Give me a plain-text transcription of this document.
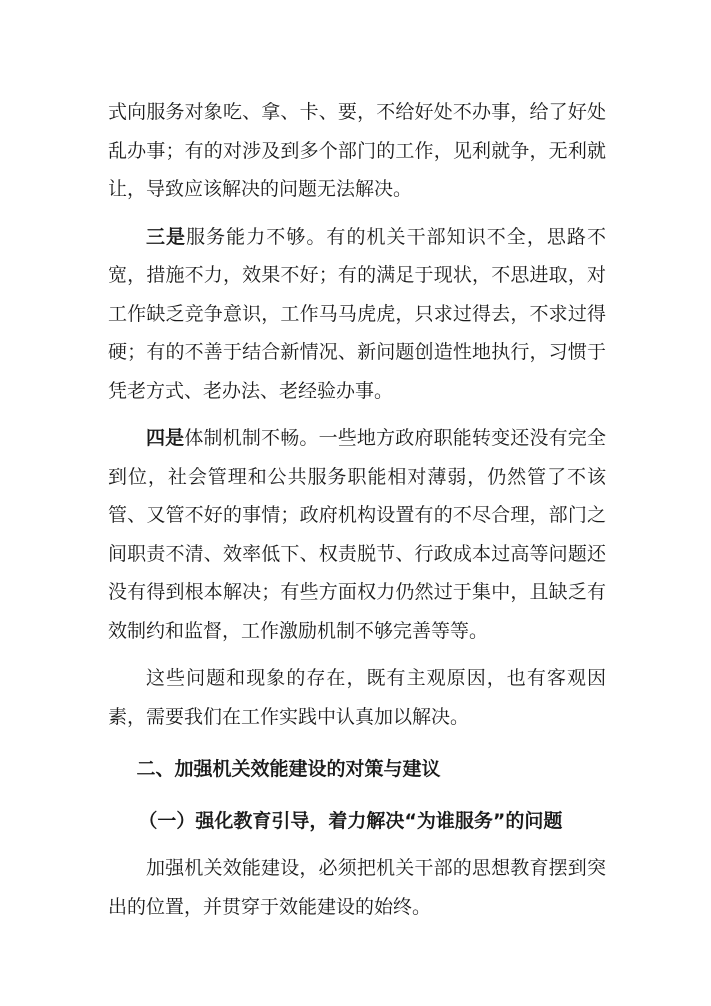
式向服务对象吃、拿、卡、要，不给好处不办事，给了好处乱办事；有的对涉及到多个部门的工作，见利就争，无利就让，导致应该解决的问题无法解决。

三是服务能力不够。有的机关干部知识不全，思路不宽，措施不力，效果不好；有的满足于现状，不思进取，对工作缺乏竞争意识，工作马马虎虎，只求过得去，不求过得硬；有的不善于结合新情况、新问题创造性地执行，习惯于凭老方式、老办法、老经验办事。

四是体制机制不畅。一些地方政府职能转变还没有完全到位，社会管理和公共服务职能相对薄弱，仍然管了不该管、又管不好的事情；政府机构设置有的不尽合理，部门之间职责不清、效率低下、权责脱节、行政成本过高等问题还没有得到根本解决；有些方面权力仍然过于集中，且缺乏有效制约和监督，工作激励机制不够完善等等。

这些问题和现象的存在，既有主观原因，也有客观因素，需要我们在工作实践中认真加以解决。

二、加强机关效能建设的对策与建议

（一）强化教育引导，着力解决“为谁服务”的问题

加强机关效能建设，必须把机关干部的思想教育摆到突出的位置，并贯穿于效能建设的始终。
